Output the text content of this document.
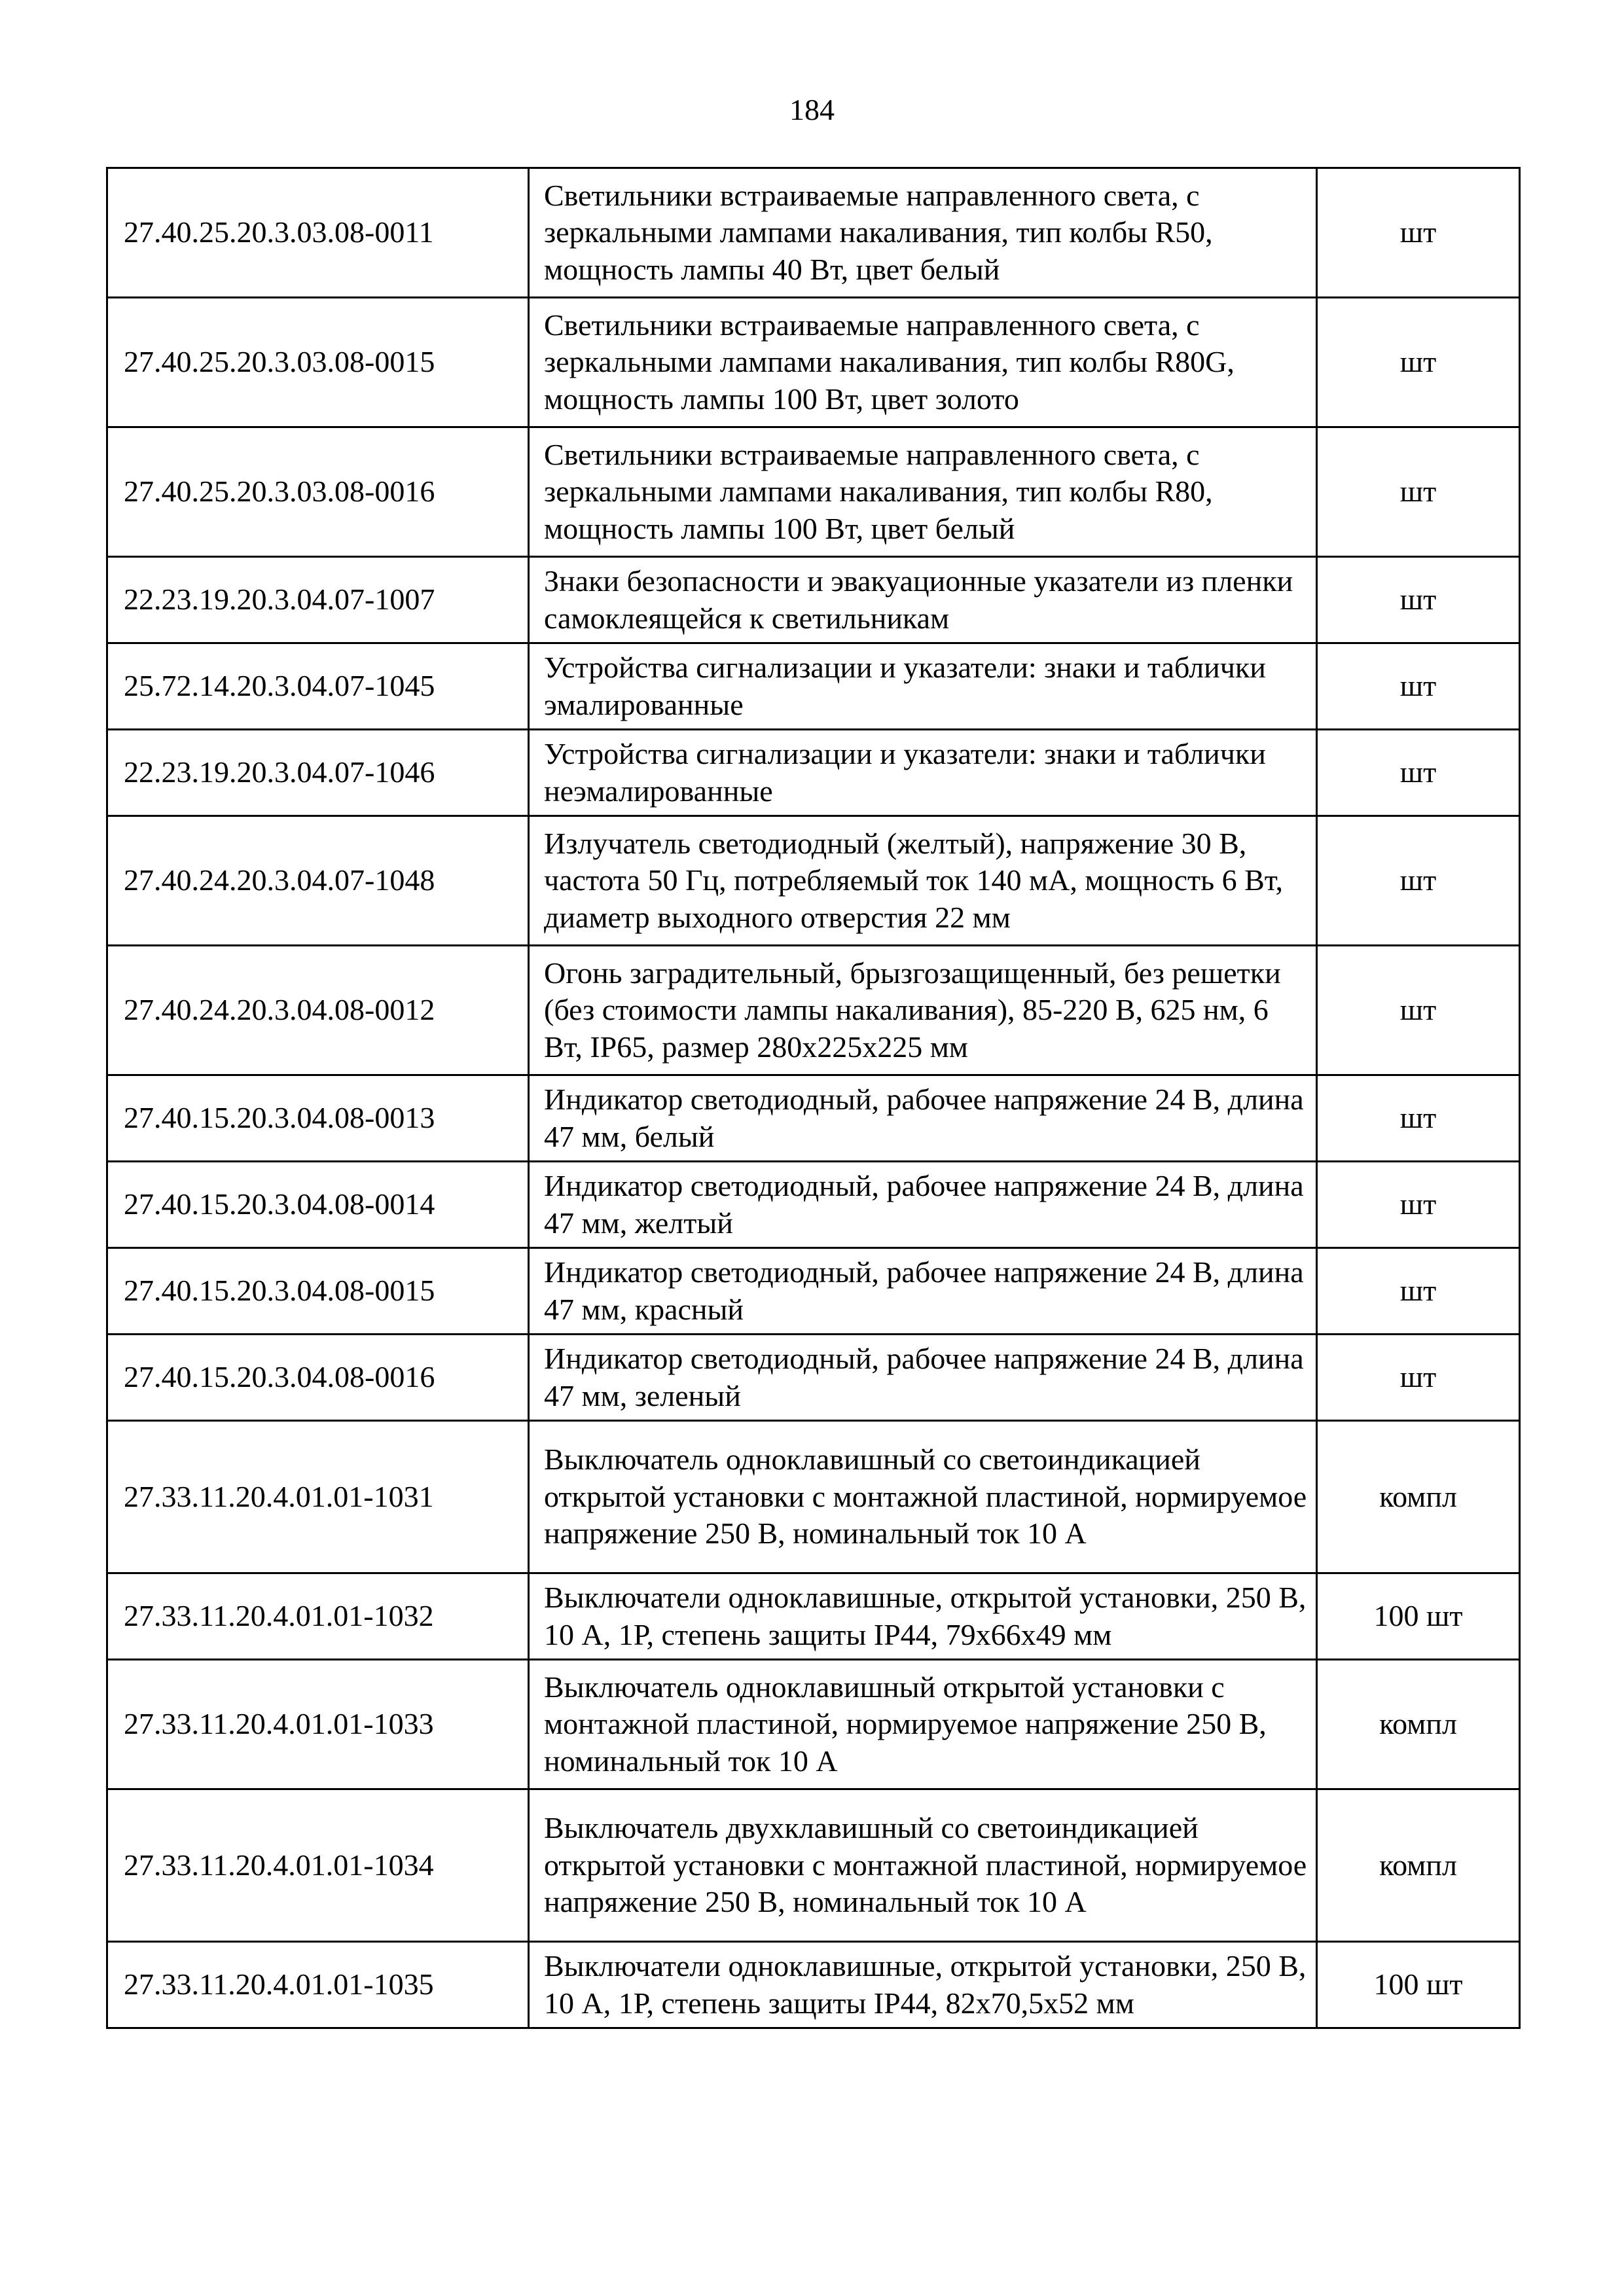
184
27.40.25.20.3.03.08-0011	Светильники встраиваемые направленного света, с зеркальными лампами накаливания, тип колбы R50, мощность лампы 40 Вт, цвет белый	шт
27.40.25.20.3.03.08-0015	Светильники встраиваемые направленного света, с зеркальными лампами накаливания, тип колбы R80G, мощность лампы 100 Вт, цвет золото	шт
27.40.25.20.3.03.08-0016	Светильники встраиваемые направленного света, с зеркальными лампами накаливания, тип колбы R80, мощность лампы 100 Вт, цвет белый	шт
22.23.19.20.3.04.07-1007	Знаки безопасности и эвакуационные указатели из пленки самоклеящейся к светильникам	шт
25.72.14.20.3.04.07-1045	Устройства сигнализации и указатели: знаки и таблички эмалированные	шт
22.23.19.20.3.04.07-1046	Устройства сигнализации и указатели: знаки и таблички неэмалированные	шт
27.40.24.20.3.04.07-1048	Излучатель светодиодный (желтый), напряжение 30 В, частота 50 Гц, потребляемый ток 140 мА, мощность 6 Вт, диаметр выходного отверстия 22 мм	шт
27.40.24.20.3.04.08-0012	Огонь заградительный, брызгозащищенный, без решетки (без стоимости лампы накаливания), 85-220 В, 625 нм, 6 Вт, IP65, размер 280х225х225 мм	шт
27.40.15.20.3.04.08-0013	Индикатор светодиодный, рабочее напряжение 24 В, длина 47 мм, белый	шт
27.40.15.20.3.04.08-0014	Индикатор светодиодный, рабочее напряжение 24 В, длина 47 мм, желтый	шт
27.40.15.20.3.04.08-0015	Индикатор светодиодный, рабочее напряжение 24 В, длина 47 мм, красный	шт
27.40.15.20.3.04.08-0016	Индикатор светодиодный, рабочее напряжение 24 В, длина 47 мм, зеленый	шт
27.33.11.20.4.01.01-1031	Выключатель одноклавишный со светоиндикацией открытой установки с монтажной пластиной, нормируемое напряжение 250 В, номинальный ток 10 А	компл
27.33.11.20.4.01.01-1032	Выключатели одноклавишные, открытой установки, 250 В, 10 А, 1Р, степень защиты IP44, 79х66х49 мм	100 шт
27.33.11.20.4.01.01-1033	Выключатель одноклавишный открытой установки с монтажной пластиной, нормируемое напряжение 250 В, номинальный ток 10 А	компл
27.33.11.20.4.01.01-1034	Выключатель двухклавишный со светоиндикацией открытой установки с монтажной пластиной, нормируемое напряжение 250 В, номинальный ток 10 А	компл
27.33.11.20.4.01.01-1035	Выключатели одноклавишные, открытой установки, 250 В, 10 А, 1Р, степень защиты IP44, 82х70,5х52 мм	100 шт
